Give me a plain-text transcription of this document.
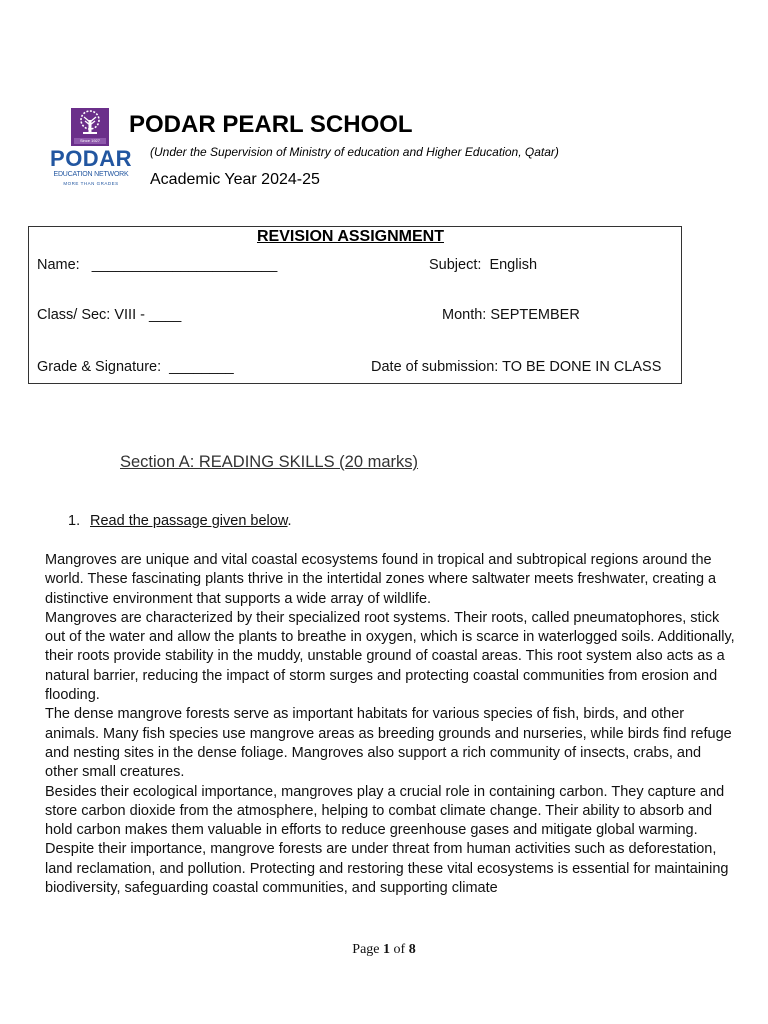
Since 1927
PODAR
EDUCATION NETWORK
MORE THAN GRADES
PODAR PEARL SCHOOL
(Under the Supervision of Ministry of education and Higher Education, Qatar)
Academic Year 2024-25
REVISION ASSIGNMENT
Name:   _______________________	Subject:  English
Class/ Sec: VIII - ____	Month: SEPTEMBER
Grade & Signature:  ________	Date of submission: TO BE DONE IN CLASS
Section A: READING SKILLS (20 marks)
1. Read the passage given below.

Mangroves are unique and vital coastal ecosystems found in tropical and subtropical regions around the world. These fascinating plants thrive in the intertidal zones where saltwater meets freshwater, creating a distinctive environment that supports a wide array of wildlife.

Mangroves are characterized by their specialized root systems. Their roots, called pneumatophores, stick out of the water and allow the plants to breathe in oxygen, which is scarce in waterlogged soils. Additionally, their roots provide stability in the muddy, unstable ground of coastal areas. This root system also acts as a natural barrier, reducing the impact of storm surges and protecting coastal communities from erosion and flooding.

The dense mangrove forests serve as important habitats for various species of fish, birds, and other animals. Many fish species use mangrove areas as breeding grounds and nurseries, while birds find refuge and nesting sites in the dense foliage. Mangroves also support a rich community of insects, crabs, and other small creatures.

Besides their ecological importance, mangroves play a crucial role in containing carbon. They capture and store carbon dioxide from the atmosphere, helping to combat climate change. Their ability to absorb and hold carbon makes them valuable in efforts to reduce greenhouse gases and mitigate global warming.

Despite their importance, mangrove forests are under threat from human activities such as deforestation, land reclamation, and pollution. Protecting and restoring these vital ecosystems is essential for maintaining biodiversity, safeguarding coastal communities, and supporting climate

Page 1 of 8
